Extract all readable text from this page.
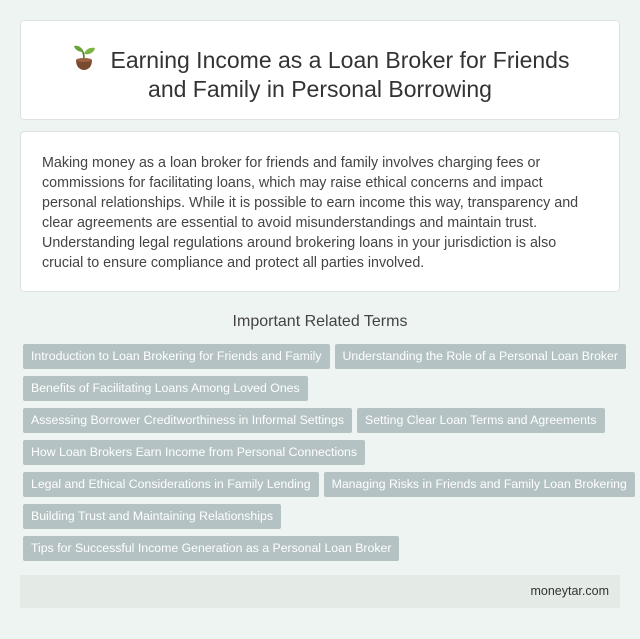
Earning Income as a Loan Broker for Friends
and Family in Personal Borrowing

Making money as a loan broker for friends and family involves charging fees or commissions for facilitating loans, which may raise ethical concerns and impact personal relationships. While it is possible to earn income this way, transparency and clear agreements are essential to avoid misunderstandings and maintain trust. Understanding legal regulations around brokering loans in your jurisdiction is also crucial to ensure compliance and protect all parties involved.

Important Related Terms
Introduction to Loan Brokering for Friends and Family Understanding the Role of a Personal Loan Broker
Benefits of Facilitating Loans Among Loved Ones
Assessing Borrower Creditworthiness in Informal Settings Setting Clear Loan Terms and Agreements
How Loan Brokers Earn Income from Personal Connections
Legal and Ethical Considerations in Family Lending Managing Risks in Friends and Family Loan Brokering
Building Trust and Maintaining Relationships
Tips for Successful Income Generation as a Personal Loan Broker
moneytar.com
